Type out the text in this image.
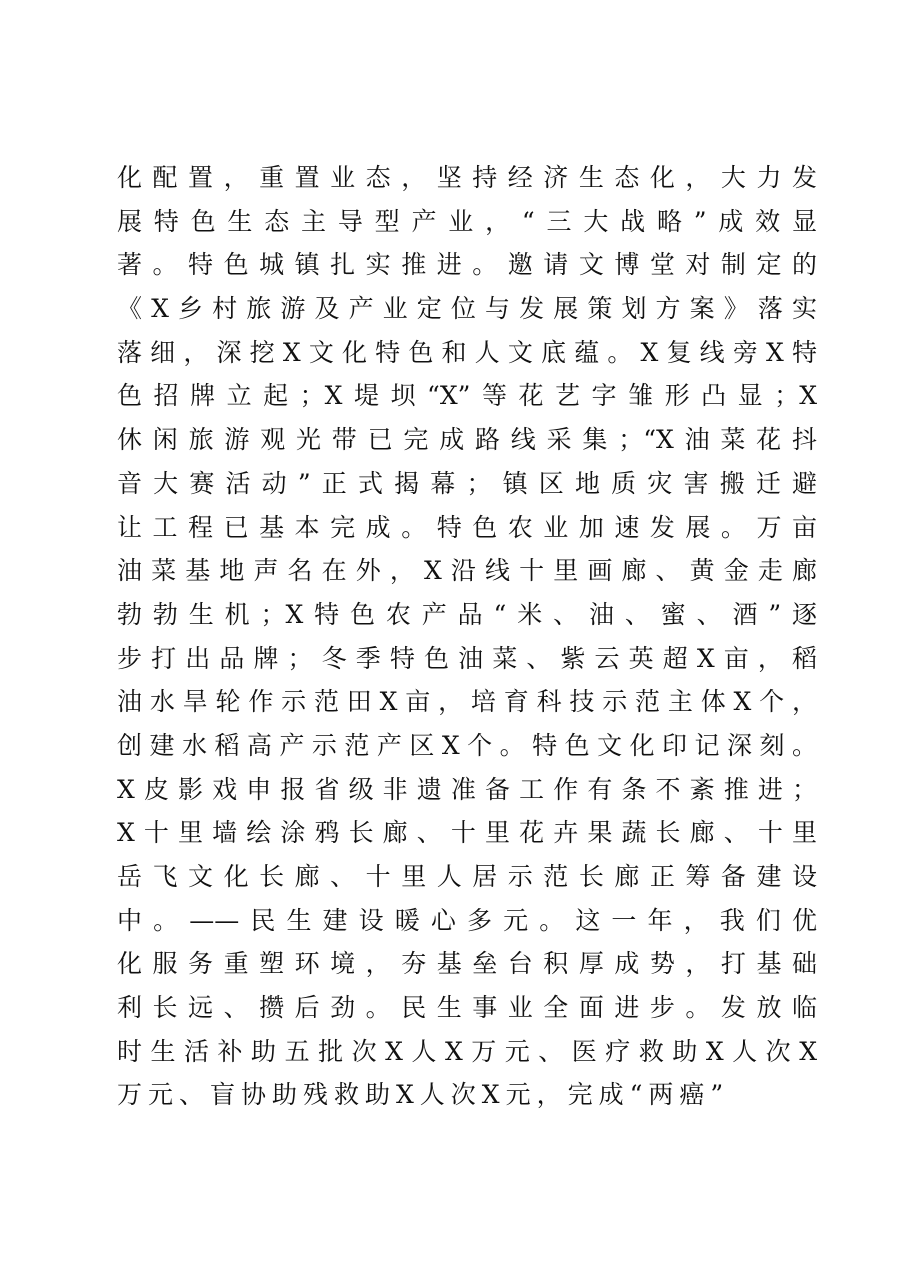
化配置，重置业态，坚持经济生态化，大力发
展特色生态主导型产业，“三大战略”成效显
著。特色城镇扎实推进。邀请文博堂对制定的
《X乡村旅游及产业定位与发展策划方案》落实
落细，深挖X文化特色和人文底蕴。X复线旁X特
色招牌立起；X堤坝“X”等花艺字雏形凸显；X
休闲旅游观光带已完成路线采集；“X油菜花抖
音大赛活动”正式揭幕；镇区地质灾害搬迁避
让工程已基本完成。特色农业加速发展。万亩
油菜基地声名在外，X沿线十里画廊、黄金走廊
勃勃生机；X特色农产品“米、油、蜜、酒”逐
步打出品牌；冬季特色油菜、紫云英超X亩，稻
油水旱轮作示范田X亩，培育科技示范主体X个，
创建水稻高产示范产区X个。特色文化印记深刻。
X皮影戏申报省级非遗准备工作有条不紊推进；
X十里墙绘涂鸦长廊、十里花卉果蔬长廊、十里
岳飞文化长廊、十里人居示范长廊正筹备建设
中。——民生建设暖心多元。这一年，我们优
化服务重塑环境，夯基垒台积厚成势，打基础
利长远、攒后劲。民生事业全面进步。发放临
时生活补助五批次X人X万元、医疗救助X人次X
万元、盲协助残救助X人次X元，完成“两癌”
